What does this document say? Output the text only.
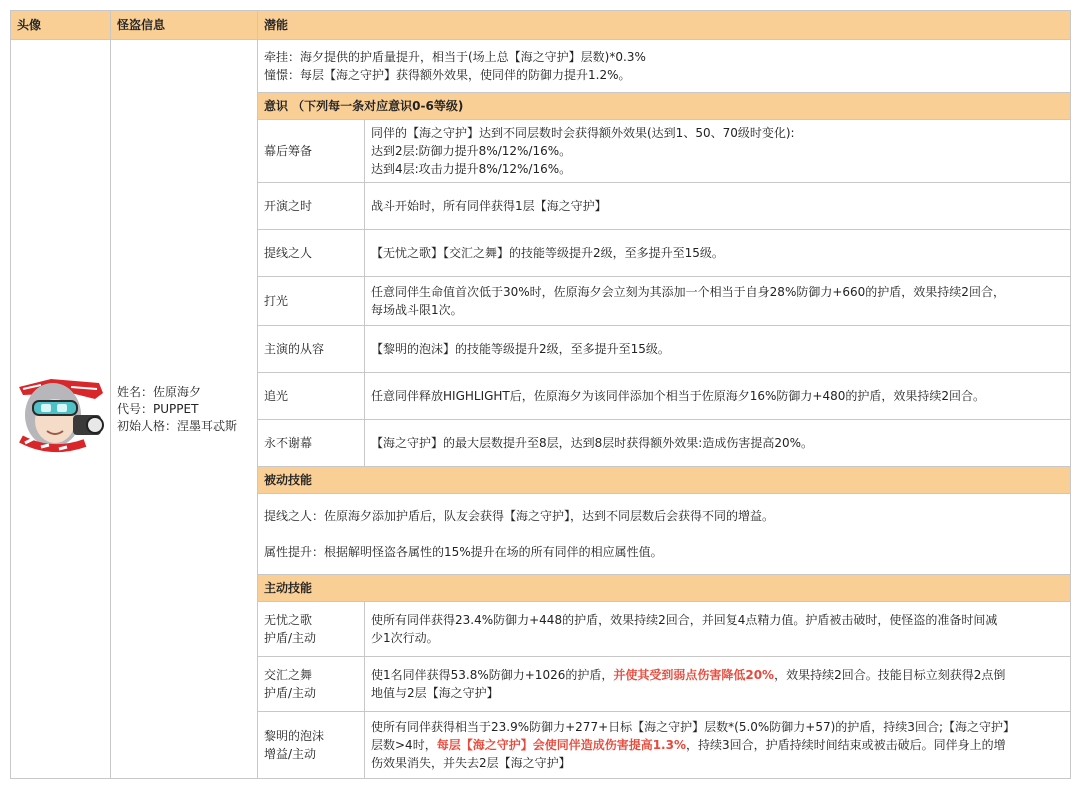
头像	怪盗信息	潜能	

姓名：佐原海夕
代号：PUPPET
初始人格：涅墨耳忒斯	牵挂：海夕提供的护盾量提升，相当于(场上总【海之守护】层数)*0.3%
憧憬：每层【海之守护】获得额外效果，使同伴的防御力提升1.2%。	

		意识 （下列每一条对应意识0-6等级)	
		幕后筹备	同伴的【海之守护】达到不同层数时会获得额外效果(达到1、50、70级时变化):
达到2层:防御力提升8%/12%/16%。
达到4层:攻击力提升8%/12%/16%。

		开演之时	战斗开始时，所有同伴获得1层【海之守护】

		提线之人	【无忧之歌】【交汇之舞】的技能等级提升2级，至多提升至15级。

		打光	任意同伴生命值首次低于30%时，佐原海夕会立刻为其添加一个相当于自身28%防御力+660的护盾，效果持续2回合，
每场战斗限1次。

		主演的从容	【黎明的泡沫】的技能等级提升2级，至多提升至15级。

		追光	任意同伴释放HIGHLIGHT后，佐原海夕为该同伴添加个相当于佐原海夕16%防御力+480的护盾，效果持续2回合。

		永不谢幕	【海之守护】的最大层数提升至8层，达到8层时获得额外效果:造成伤害提高20%。

		被动技能	

		提线之人：佐原海夕添加护盾后，队友会获得【海之守护】，达到不同层数后会获得不同的增益。
属性提升：根据解明怪盗各属性的15%提升在场的所有同伴的相应属性值。	

		主动技能	

		无忧之歌
护盾/主动	使所有同伴获得23.4%防御力+448的护盾，效果持续2回合，并回复4点精力值。护盾被击破时，使怪盗的准备时间减
少1次行动。

		交汇之舞
护盾/主动	使1名同伴获得53.8%防御力+1026的护盾，并使其受到弱点伤害降低20%，效果持续2回合。技能目标立刻获得2点倒
地值与2层【海之守护】

		黎明的泡沫
增益/主动	使所有同伴获得相当于23.9%防御力+277+日标【海之守护】层数*(5.0%防御力+57)的护盾，持续3回合;【海之守护】
层数>4时，每层【海之守护】会使同伴造成伤害提高1.3%，持续3回合，护盾持续时间结束或被击破后。同伴身上的增
伤效果消失，并失去2层【海之守护】
